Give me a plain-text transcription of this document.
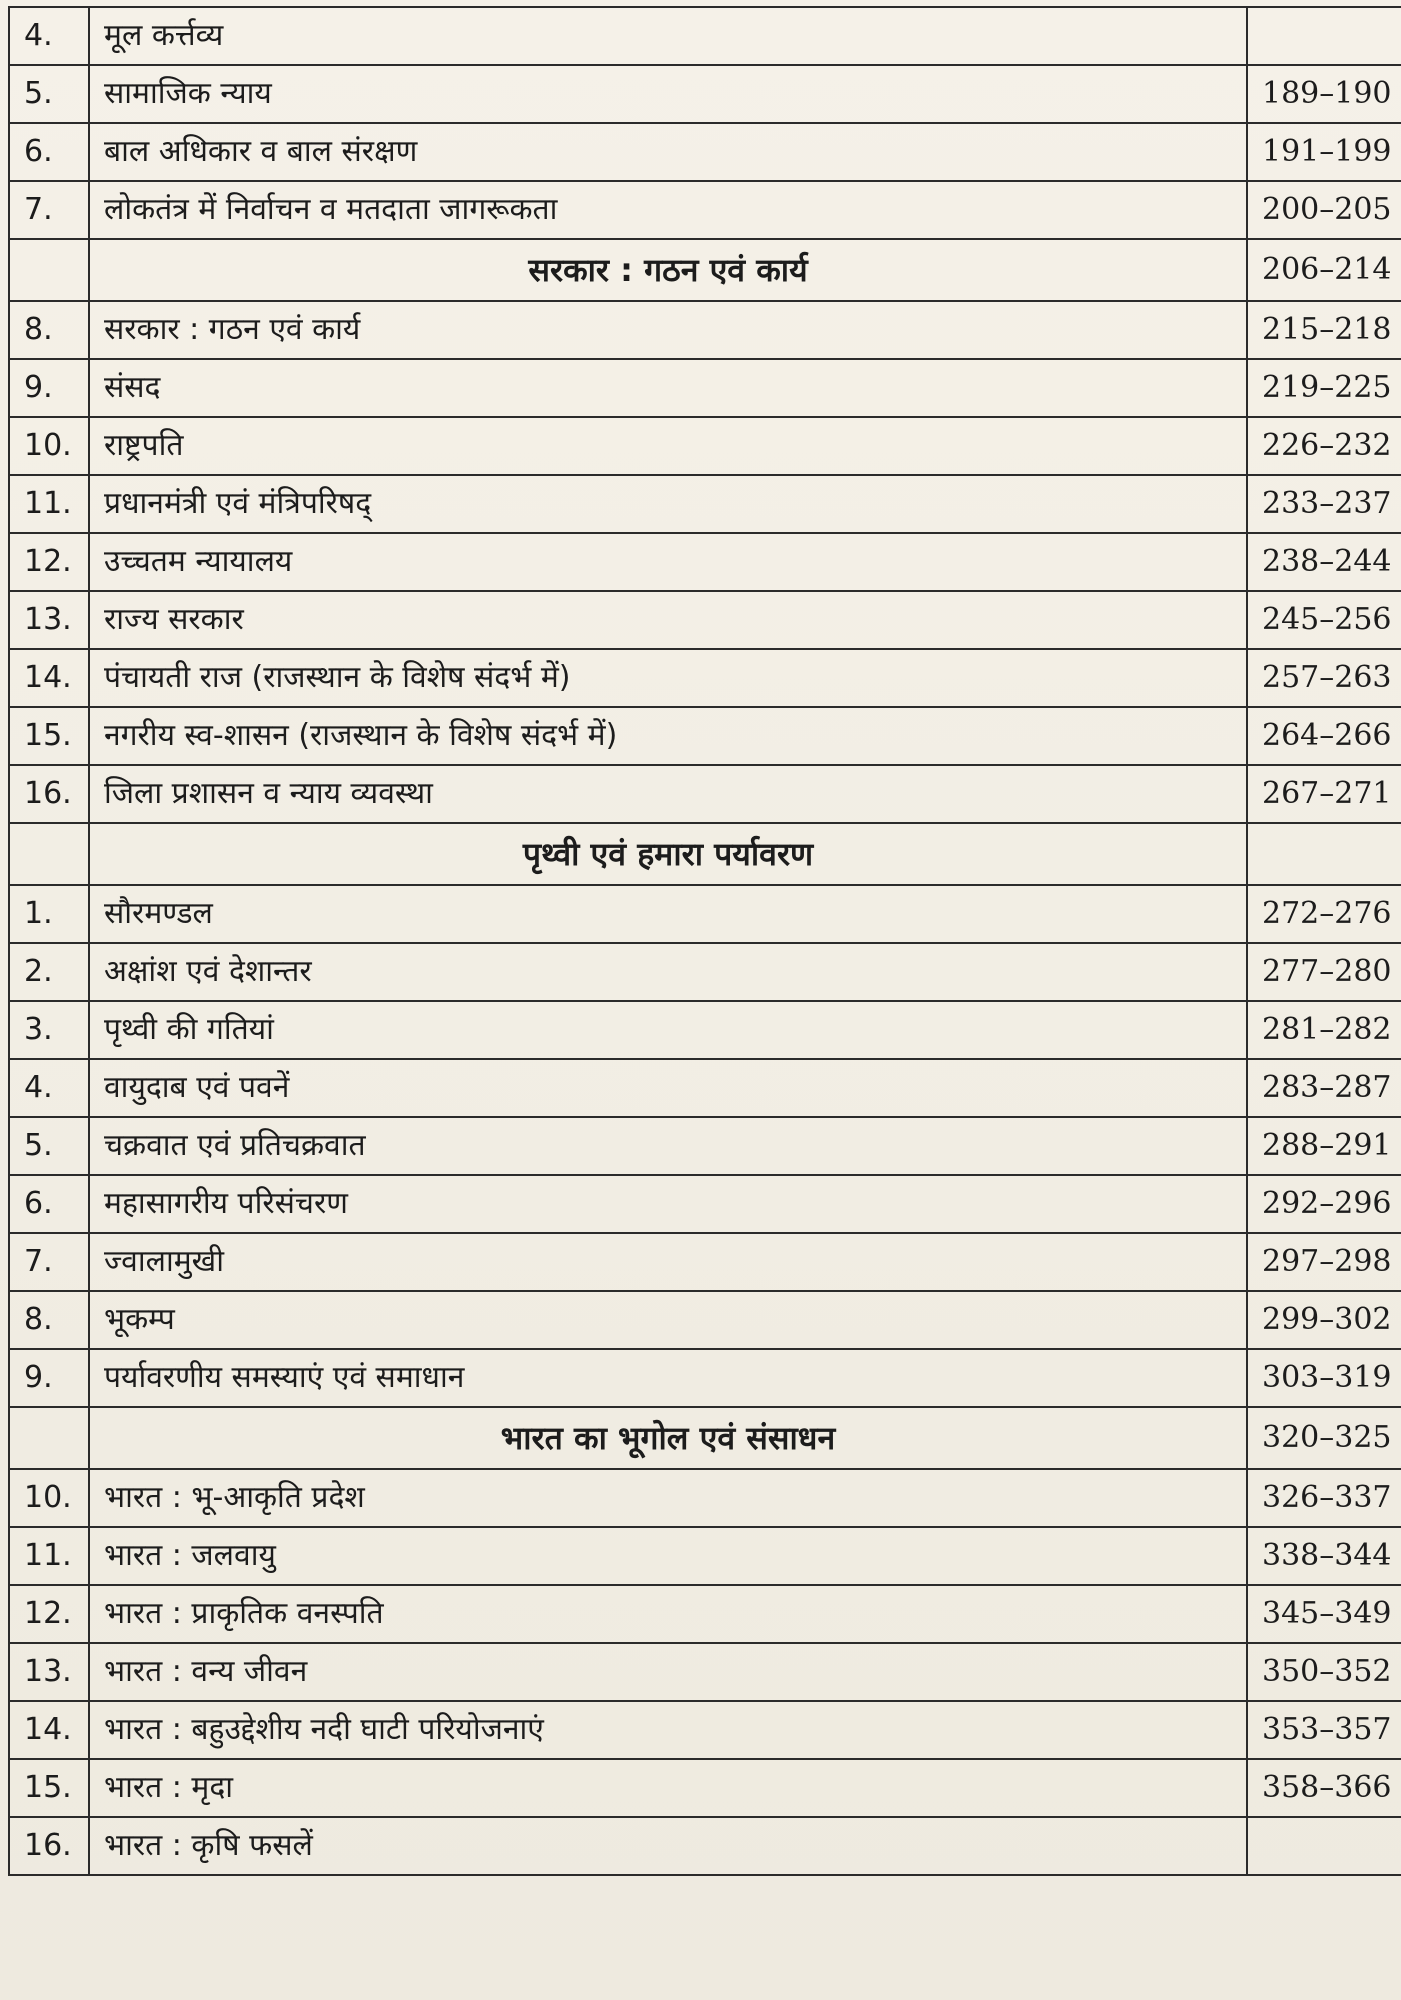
4.	मूल कर्त्तव्य	
5.	सामाजिक न्याय	189–190
6.	बाल अधिकार व बाल संरक्षण	191–199
7.	लोकतंत्र में निर्वाचन व मतदाता जागरूकता	200–205
	सरकार : गठन एवं कार्य	206–214
8.	सरकार : गठन एवं कार्य	215–218
9.	संसद	219–225
10.	राष्ट्रपति	226–232
11.	प्रधानमंत्री एवं मंत्रिपरिषद्	233–237
12.	उच्चतम न्यायालय	238–244
13.	राज्य सरकार	245–256
14.	पंचायती राज (राजस्थान के विशेष संदर्भ में)	257–263
15.	नगरीय स्व-शासन (राजस्थान के विशेष संदर्भ में)	264–266
16.	जिला प्रशासन व न्याय व्यवस्था	267–271
	पृथ्वी एवं हमारा पर्यावरण	
1.	सौरमण्डल	272–276
2.	अक्षांश एवं देशान्तर	277–280
3.	पृथ्वी की गतियां	281–282
4.	वायुदाब एवं पवनें	283–287
5.	चक्रवात एवं प्रतिचक्रवात	288–291
6.	महासागरीय परिसंचरण	292–296
7.	ज्वालामुखी	297–298
8.	भूकम्प	299–302
9.	पर्यावरणीय समस्याएं एवं समाधान	303–319
	भारत का भूगोल एवं संसाधन	320–325
10.	भारत : भू-आकृति प्रदेश	326–337
11.	भारत : जलवायु	338–344
12.	भारत : प्राकृतिक वनस्पति	345–349
13.	भारत : वन्य जीवन	350–352
14.	भारत : बहुउद्देशीय नदी घाटी परियोजनाएं	353–357
15.	भारत : मृदा	358–366
16.	भारत : कृषि फसलें	
